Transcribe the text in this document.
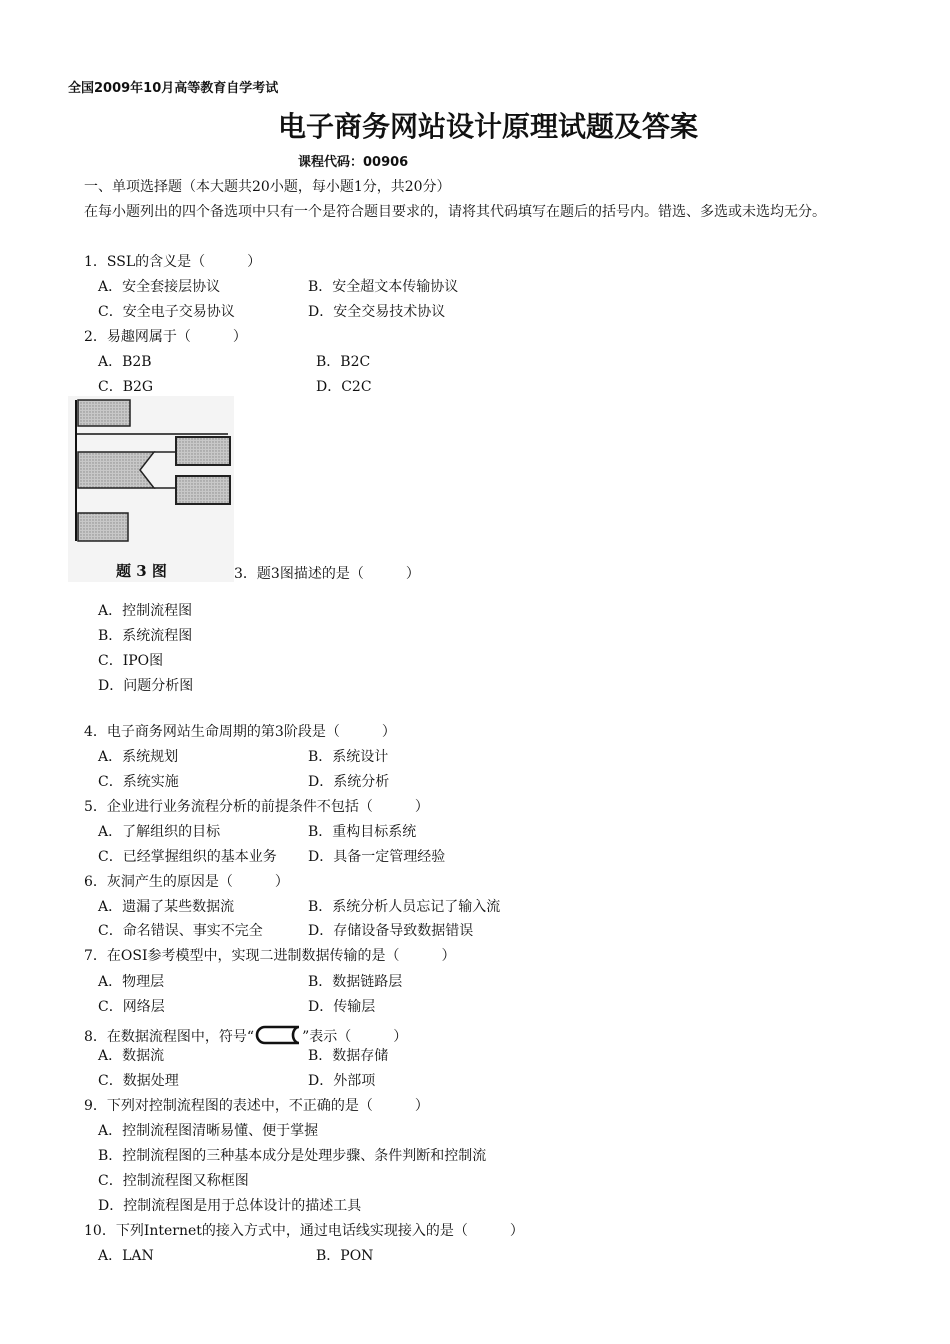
全国2009年10月高等教育自学考试
电子商务网站设计原理试题及答案
课程代码：00906
一、单项选择题（本大题共20小题，每小题1分，共20分）
在每小题列出的四个备选项中只有一个是符合题目要求的，请将其代码填写在题后的括号内。错选、多选或未选均无分。
1．SSL的含义是（　　　）
A．安全套接层协议	B．安全超文本传输协议
C．安全电子交易协议	D．安全交易技术协议
2．易趣网属于（　　　）
A．B2B	B．B2C
C．B2G	D．C2C
题 3 图	3．题3图描述的是（　　　）
A．控制流程图
B．系统流程图
C．IPO图
D．问题分析图
4．电子商务网站生命周期的第3阶段是（　　　）
A．系统规划	B．系统设计
C．系统实施	D．系统分析
5．企业进行业务流程分析的前提条件不包括（　　　）
A．了解组织的目标	B．重构目标系统
C．已经掌握组织的基本业务 D．具备一定管理经验
6．灰洞产生的原因是（　　　）
A．遗漏了某些数据流	B．系统分析人员忘记了输入流
C．命名错误、事实不完全	D．存储设备导致数据错误
7．在OSI参考模型中，实现二进制数据传输的是（　　　）
A．物理层	B．数据链路层
C．网络层	D．传输层
8．在数据流程图中，符号“	”表示（　　　）
A．数据流	B．数据存储
C．数据处理	D．外部项
9．下列对控制流程图的表述中，不正确的是（　　　）
A．控制流程图清晰易懂、便于掌握
B．控制流程图的三种基本成分是处理步骤、条件判断和控制流
C．控制流程图又称框图
D．控制流程图是用于总体设计的描述工具
10．下列Internet的接入方式中，通过电话线实现接入的是（　　　）
A．LAN	B．PON
